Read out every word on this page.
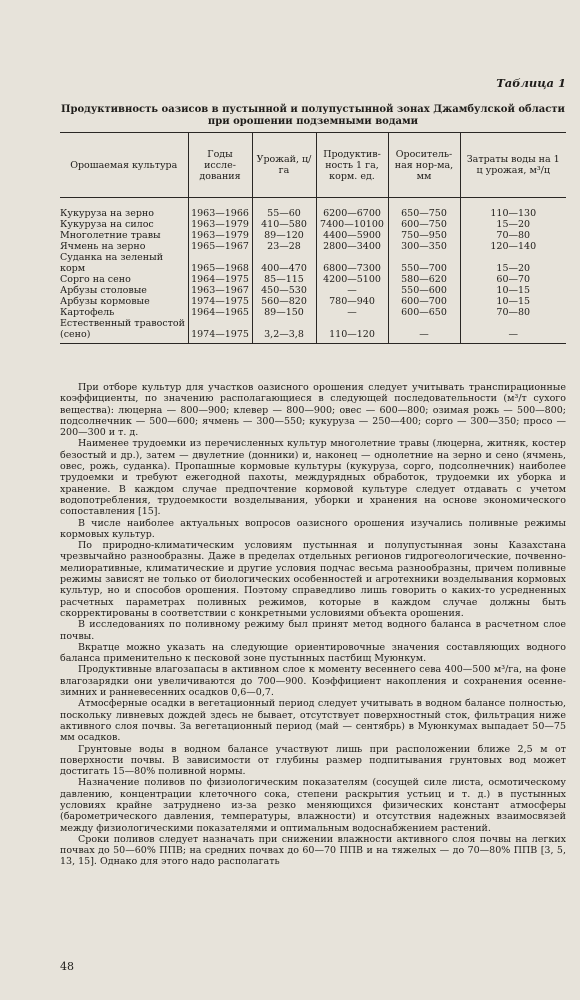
Таблица 1
Продуктивность оазисов в пустынной и полупустынной зонах Джамбулской области при орошении подземными водами
Орошаемая культура	Годы иссле-дования	Урожай, ц/га	Продуктив-ность 1 га, корм. ед.	Ороситель-ная нор-ма, мм	Затраты воды на 1 ц урожая, м³/ц
Кукуруза на зерно	1963—1966	55—60	6200—6700	650—750	110—130
Кукуруза на силос	1963—1979	410—580	7400—10100	600—750	15—20
Многолетние травы	1963—1979	89—120	4400—5900	750—950	70—80
Ячмень на зерно	1965—1967	23—28	2800—3400	300—350	120—140
Суданка на зеленый корм	1965—1968	400—470	6800—7300	550—700	15—20
Сорго на сено	1964—1975	85—115	4200—5100	580—620	60—70
Арбузы столовые	1963—1967	450—530	—	550—600	10—15
Арбузы кормовые	1974—1975	560—820	780—940	600—700	10—15
Картофель	1964—1965	89—150	—	600—650	70—80
Естественный травостой (сено)	1974—1975	3,2—3,8	110—120	—	—

При отборе культур для участков оазисного орошения следует учитывать транспирационные коэффициенты, по значению располагающиеся в следующей последовательности (м³/т сухого вещества): люцерна — 800—900; клевер — 800—900; овес — 600—800; озимая рожь — 500—800; подсолнечник — 500—600; ячмень — 300—550; кукуруза — 250—400; сорго — 300—350; просо — 200—300 и т. д.

Наименее трудоемки из перечисленных культур многолетние травы (люцерна, житняк, костер безостый и др.), затем — двулетние (донники) и, наконец — однолетние на зерно и сено (ячмень, овес, рожь, суданка). Пропашные кормовые культуры (кукуруза, сорго, подсолнечник) наиболее трудоемки и требуют ежегодной пахоты, междурядных обработок, трудоемки их уборка и хранение. В каждом случае предпочтение кормовой культуре следует отдавать с учетом водопотребления, трудоемкости возделывания, уборки и хранения на основе экономического сопоставления [15].

В числе наиболее актуальных вопросов оазисного орошения изучались поливные режимы кормовых культур.

По природно-климатическим условиям пустынная и полупустынная зоны Казахстана чрезвычайно разнообразны. Даже в пределах отдельных регионов гидрогеологические, почвенно-мелиоративные, климатические и другие условия подчас весьма разнообразны, причем поливные режимы зависят не только от биологических особенностей и агротехники возделывания кормовых культур, но и способов орошения. Поэтому справедливо лишь говорить о каких-то усредненных расчетных параметрах поливных режимов, которые в каждом случае должны быть скорректированы в соответствии с конкретными условиями объекта орошения.

В исследованиях по поливному режиму был принят метод водного баланса в расчетном слое почвы.

Вкратце можно указать на следующие ориентировочные значения составляющих водного баланса применительно к песковой зоне пустынных пастбищ Муюнкум.

Продуктивные влагозапасы в активном слое к моменту весеннего сева 400—500 м³/га, на фоне влагозарядки они увеличиваются до 700—900. Коэффициент накопления и сохранения осенне-зимних и ранневесенних осадков 0,6—0,7.

Атмосферные осадки в вегетационный период следует учитывать в водном балансе полностью, поскольку ливневых дождей здесь не бывает, отсутствует поверхностный сток, фильтрация ниже активного слоя почвы. За вегетационный период (май — сентябрь) в Муюнкумах выпадает 50—75 мм осадков.

Грунтовые воды в водном балансе участвуют лишь при расположении ближе 2,5 м от поверхности почвы. В зависимости от глубины размер подпитывания грунтовых вод может достигать 15—80% поливной нормы.

Назначение поливов по физиологическим показателям (сосущей силе листа, осмотическому давлению, концентрации клеточного сока, степени раскрытия устьиц и т. д.) в пустынных условиях крайне затруднено из-за резко меняющихся физических констант атмосферы (барометрического давления, температуры, влажности) и отсутствия надежных взаимосвязей между физиологическими показателями и оптимальным водоснабжением растений.

Сроки поливов следует назначать при снижении влажности активного слоя почвы на легких почвах до 50—60% ППВ; на средних почвах до 60—70 ППВ и на тяжелых — до 70—80% ППВ [3, 5, 13, 15]. Однако для этого надо располагать

48
